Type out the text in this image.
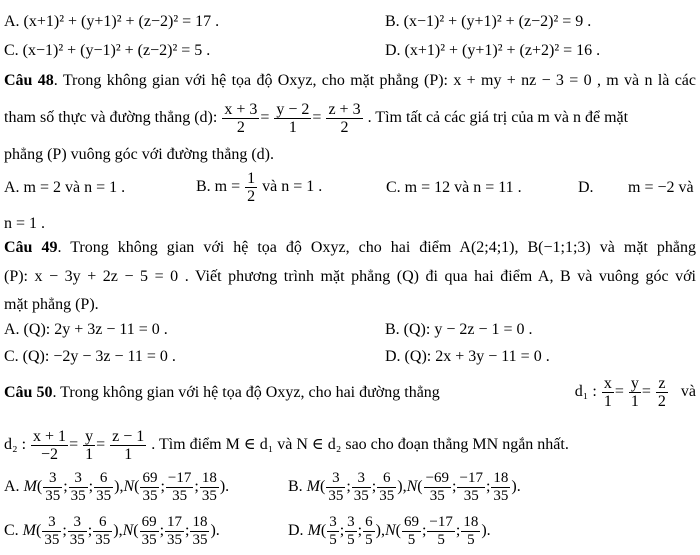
A. (x+1)² + (y+1)² + (z−2)² = 17 .	B. (x−1)² + (y+1)² + (z−2)² = 9 .
C. (x−1)² + (y−1)² + (z−2)² = 5 .	D. (x+1)² + (y+1)² + (z+2)² = 16 .
Câu 48. Trong không gian với hệ tọa độ Oxyz, cho mặt phẳng (P): x + my + nz − 3 = 0 , m và n là các
tham số thực và đường thẳng (d): $\frac{x + 3}{2} = \frac{y - 2}{1} = \frac{z + 3}{2}$ . Tìm tất cả các giá trị của m và n để mặt
phẳng (P) vuông góc với đường thẳng (d).
A. m = 2 và n = 1 .	B. $m = \frac{1}{2}$ và n = 1 .	C. m = 12 và n = 11 .	D. m = −2 và
n = 1 .
Câu 49. Trong không gian với hệ tọa độ Oxyz, cho hai điểm A(2;4;1), B(−1;1;3) và mặt phẳng
(P): x − 3y + 2z − 5 = 0 . Viết phương trình mặt phẳng (Q) đi qua hai điểm A, B và vuông góc với
mặt phẳng (P).
A. (Q): 2y + 3z − 11 = 0 .	B. (Q): y − 2z − 1 = 0 .
C. (Q): −2y − 3z − 11 = 0 .	D. (Q): 2x + 3y − 11 = 0 .
Câu 50. Trong không gian với hệ tọa độ Oxyz, cho hai đường thẳng	d₁ : $\frac{x}{1} = \frac{y}{1} = \frac{z}{2}$ và
d₂ : $\frac{x + 1}{-2} = \frac{y}{1} = \frac{z - 1}{1}$ . Tìm điểm M ∈ d₁ và N ∈ d₂ sao cho đoạn thẳng MN ngắn nhất.
A. $M( \frac{3}{35}$ ; $\frac{3}{35}$ ; $\frac{6}{35} ),N( \frac{69}{35}$ ; $\frac{-17}{35}$ ; $\frac{18}{35}$ ).	B. $M( \frac{3}{35}$ ; $\frac{3}{35}$ ; $\frac{6}{35} ),N( \frac{-69}{35}$ ; $\frac{-17}{35}$ ; $\frac{18}{35}$ ).
C. $M( \frac{3}{35}$ ; $\frac{3}{35}$ ; $\frac{6}{35} ),N( \frac{69}{35}$ ; $\frac{17}{35}$ ; $\frac{18}{35}$ ).	D. $M( \frac{3}{5}$ ; $\frac{3}{5}$ ; $\frac{6}{5} ),N( \frac{69}{5}$ ; $\frac{-17}{5}$ ; $\frac{18}{5}$ ).
